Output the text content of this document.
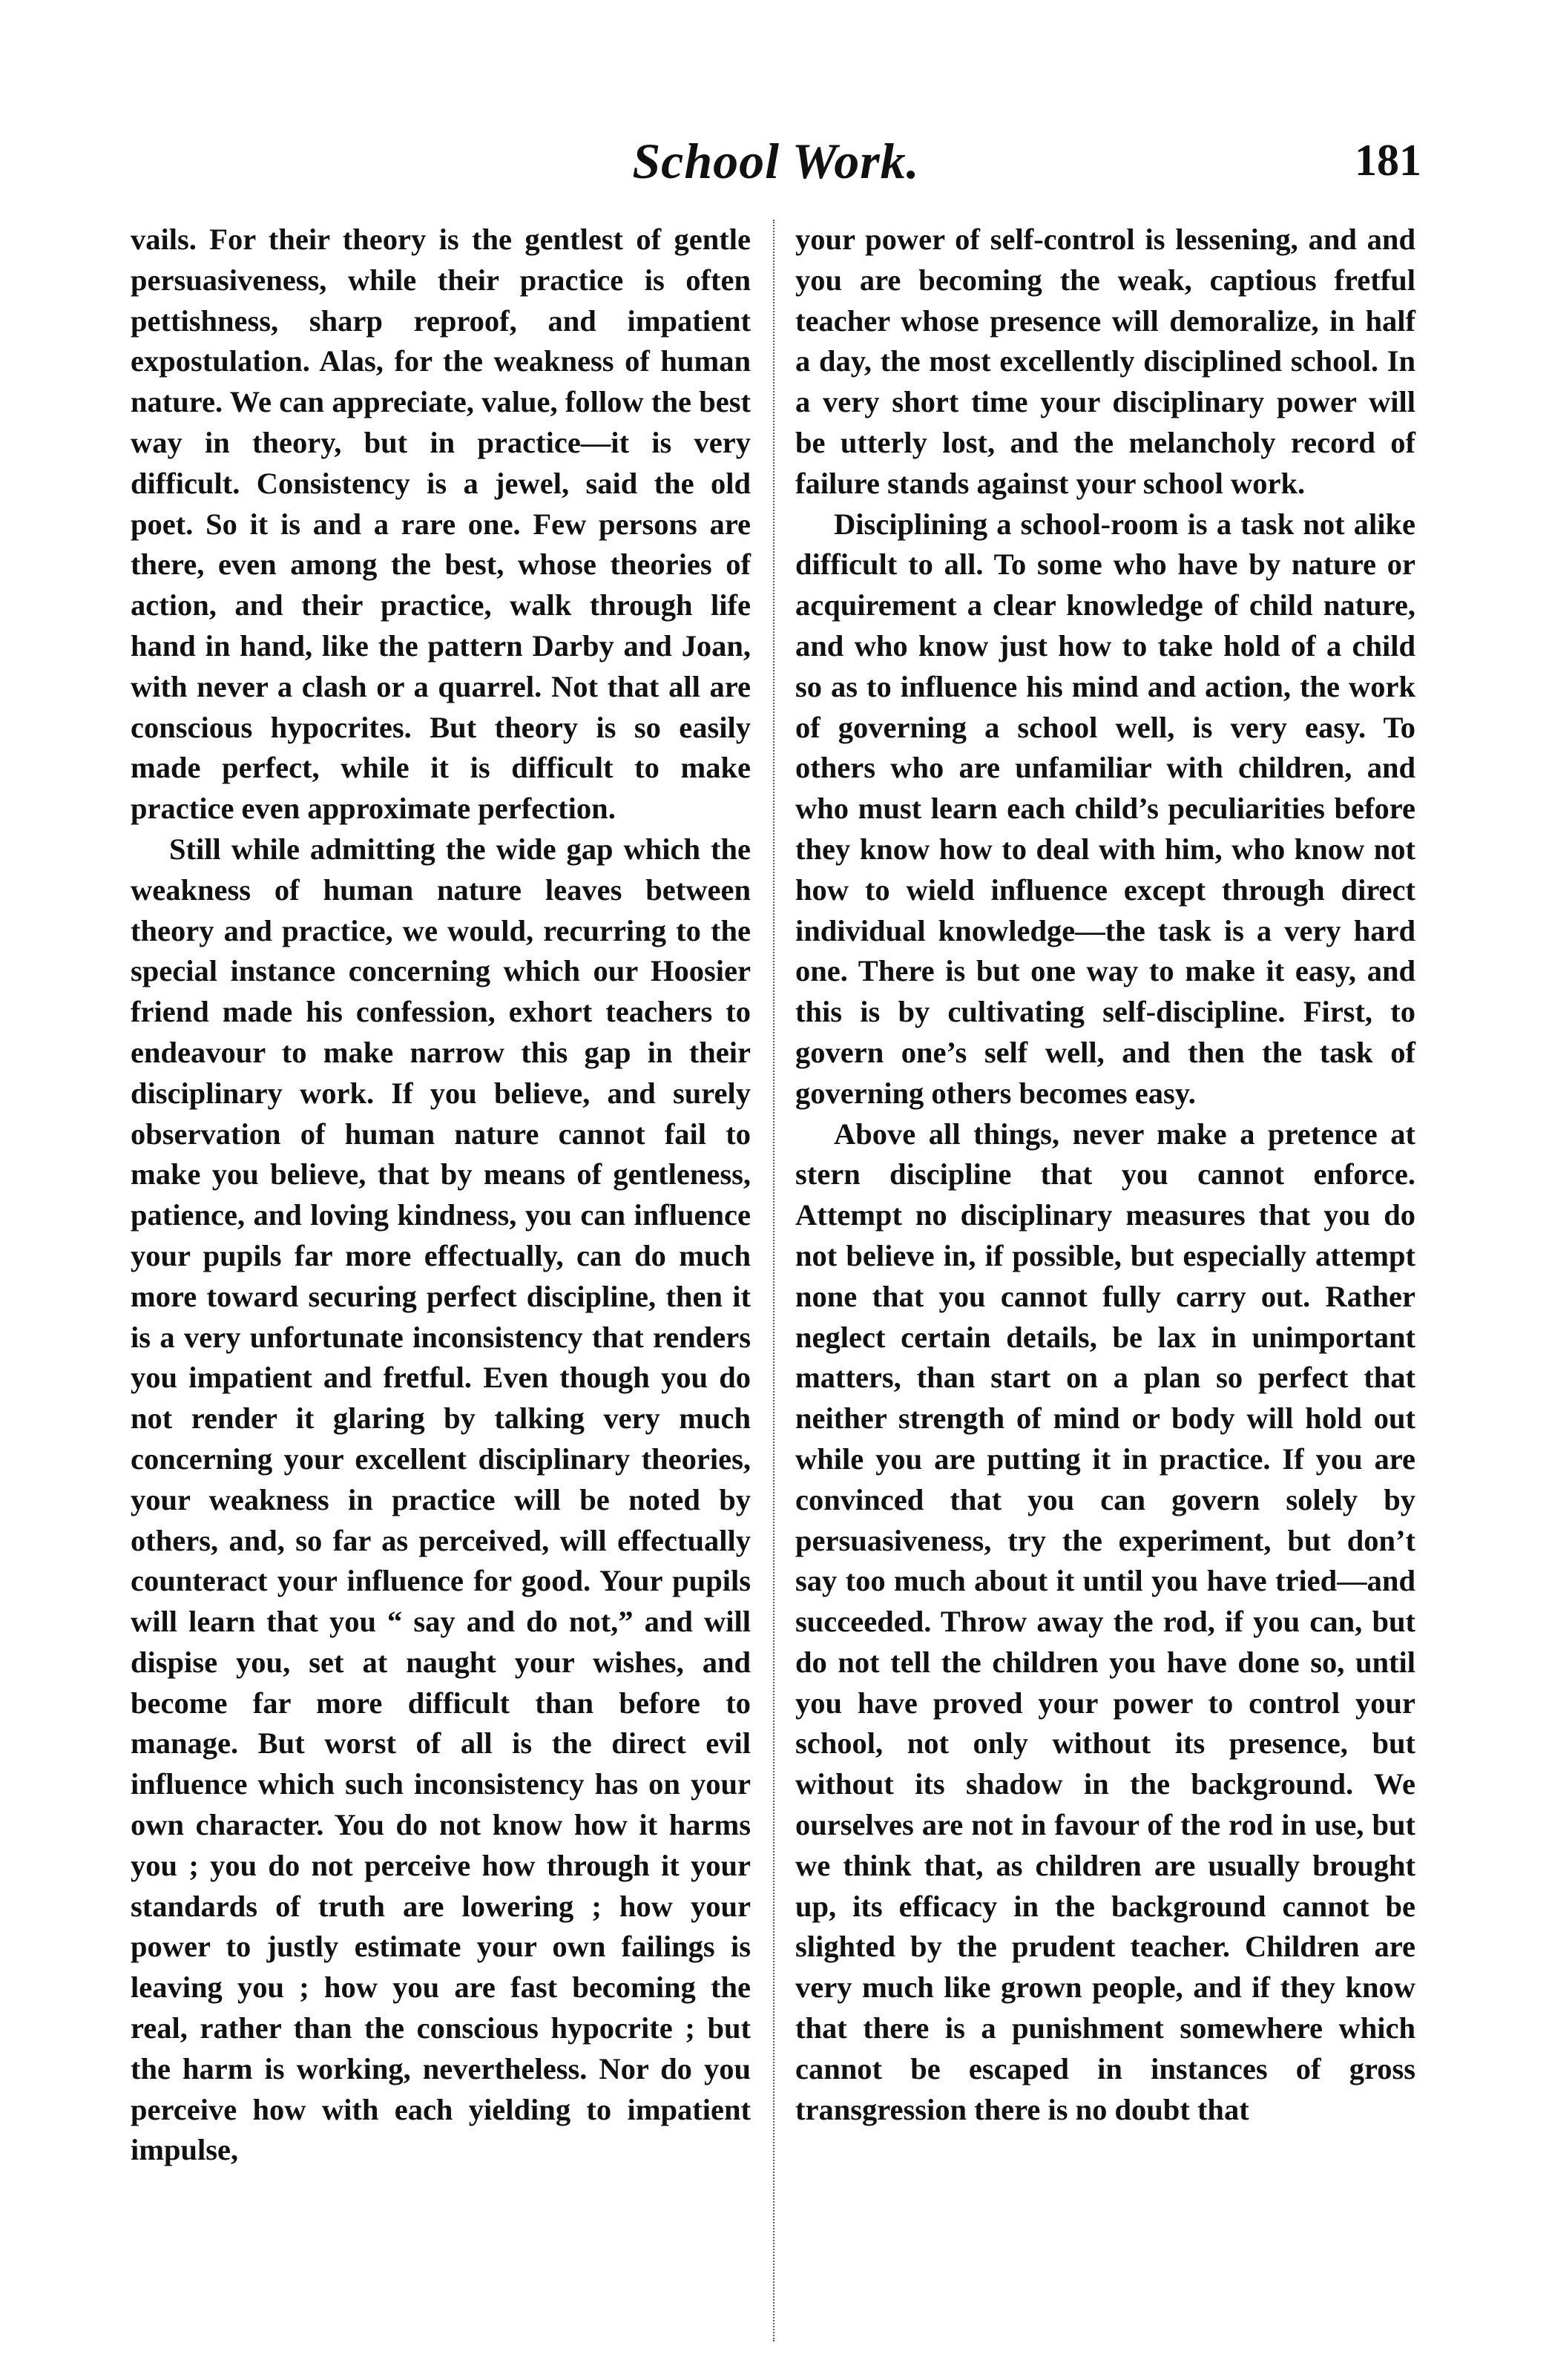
School Work.	181

vails. For their theory is the gentlest of gentle persuasiveness, while their practice is often pettishness, sharp reproof, and impatient expostulation. Alas, for the weakness of human nature. We can appreciate, value, follow the best way in theory, but in practice—it is very difficult. Consistency is a jewel, said the old poet. So it is and a rare one. Few persons are there, even among the best, whose theories of action, and their practice, walk through life hand in hand, like the pattern Darby and Joan, with never a clash or a quarrel. Not that all are conscious hypocrites. But theory is so easily made perfect, while it is difficult to make practice even approximate perfection.

Still while admitting the wide gap which the weakness of human nature leaves between theory and practice, we would, recurring to the special instance concerning which our Hoosier friend made his confession, exhort teachers to endeavour to make narrow this gap in their disciplinary work. If you believe, and surely observation of human nature cannot fail to make you believe, that by means of gentleness, patience, and loving kindness, you can influence your pupils far more effectually, can do much more toward securing perfect discipline, then it is a very unfortunate inconsistency that renders you impatient and fretful. Even though you do not render it glaring by talking very much concerning your excellent disciplinary theories, your weakness in practice will be noted by others, and, so far as perceived, will effectually counteract your influence for good. Your pupils will learn that you “ say and do not,” and will dispise you, set at naught your wishes, and become far more difficult than before to manage. But worst of all is the direct evil influence which such inconsistency has on your own character. You do not know how it harms you ; you do not perceive how through it your standards of truth are lowering ; how your power to justly estimate your own failings is leaving you ; how you are fast becoming the real, rather than the conscious hypocrite ; but the harm is working, nevertheless. Nor do you perceive how with each yielding to impatient impulse,

your power of self-control is lessening, and and you are becoming the weak, captious fretful teacher whose presence will demoralize, in half a day, the most excellently disciplined school. In a very short time your disciplinary power will be utterly lost, and the melancholy record of failure stands against your school work.

Disciplining a school-room is a task not alike difficult to all. To some who have by nature or acquirement a clear knowledge of child nature, and who know just how to take hold of a child so as to influence his mind and action, the work of governing a school well, is very easy. To others who are unfamiliar with children, and who must learn each child’s peculiarities before they know how to deal with him, who know not how to wield influence except through direct individual knowledge—the task is a very hard one. There is but one way to make it easy, and this is by cultivating self-discipline. First, to govern one’s self well, and then the task of governing others becomes easy.

Above all things, never make a pretence at stern discipline that you cannot enforce. Attempt no disciplinary measures that you do not believe in, if possible, but especially attempt none that you cannot fully carry out. Rather neglect certain details, be lax in unimportant matters, than start on a plan so perfect that neither strength of mind or body will hold out while you are putting it in practice. If you are convinced that you can govern solely by persuasiveness, try the experiment, but don’t say too much about it until you have tried—and succeeded. Throw away the rod, if you can, but do not tell the children you have done so, until you have proved your power to control your school, not only without its presence, but without its shadow in the background. We ourselves are not in favour of the rod in use, but we think that, as children are usually brought up, its efficacy in the background cannot be slighted by the prudent teacher. Children are very much like grown people, and if they know that there is a punishment somewhere which cannot be escaped in instances of gross transgression there is no doubt that
